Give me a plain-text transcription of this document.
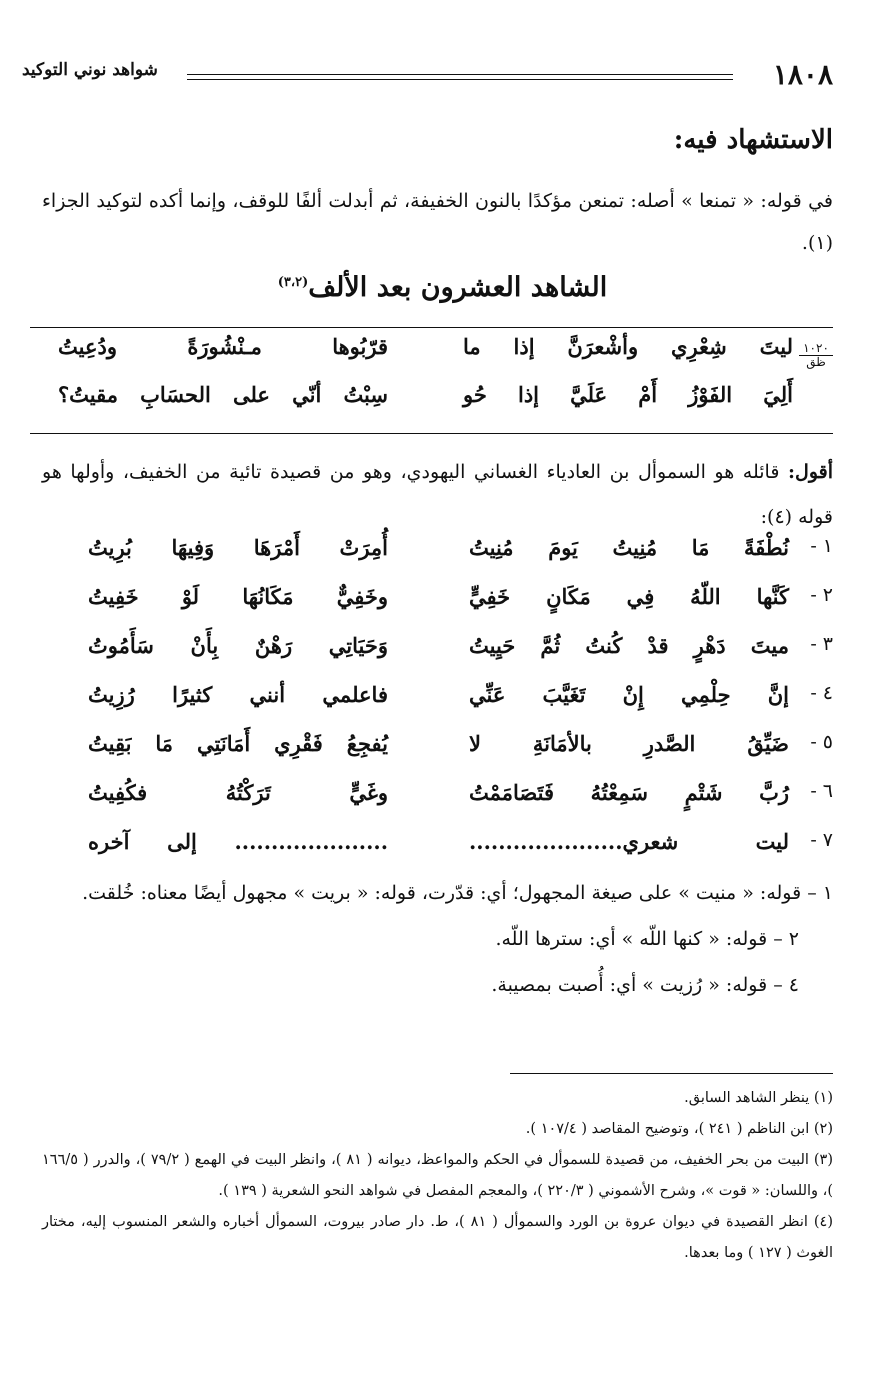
١٨٠٨
شواهد نوني التوكيد
الاستشهاد فيه:
في قوله: « تمنعا » أصله: تمنعن مؤكدًا بالنون الخفيفة، ثم أبدلت ألفًا للوقف، وإنما أكده لتوكيد الجزاء (١).
الشاهد العشرون بعد الألف$^{(٣،٢)}$
١٠٢٠
ظق
ليتَ شِعْرِي وأشْعرَنَّ إذا ما
قرّبُوها مـنْشُورَةً ودُعِيتُ
أَلِيَ الفَوْزُ أَمْ عَلَيَّ إذا حُو
سِبْتُ أنّي على الحسَابِ مقيتُ؟
أقول: قائله هو السموأل بن العادياء الغساني اليهودي، وهو من قصيدة تائية من الخفيف، وأولها هو قوله (٤):
١ -
نُطْفَةً مَا مُنِيتُ يَومَ مُنِيتُ
أُمِرَتْ أَمْرَهَا وَفِيهَا بُرِيتُ
٢ -
كَنَّها اللّهُ فِي مَكَانٍ خَفِيٍّ
وخَفِيٌّ مَكَانُهَا لَوْ خَفِيتُ
٣ -
ميتَ دَهْرٍ قدْ كُنتُ ثُمَّ حَيِيتُ
وَحَيَاتِي رَهْنٌ بِأَنْ سَأَمُوتُ
٤ -
إنَّ حِلْمِي إِنْ تَغَيَّبَ عَنِّي
فاعلمي أنني كثيرًا رُزِيتُ
٥ -
ضَيِّقُ الصَّدرِ بالأمَانَةِ لا
يُفجِعُ فَقْرِي أَمَانَتِي مَا بَقِيتُ
٦ -
رُبَّ شَتْمٍ سَمِعْتُهُ فَتَصَامَمْتُ
وغَيٍّ تَرَكْتُهُ فكُفِيتُ
٧ -
ليت شعري.....................
..................... إلى آخره
١ – قوله: « منيت » على صيغة المجهول؛ أي: قدّرت، قوله: « بريت » مجهول أيضًا معناه: خُلقت.
٢ – قوله: « كنها اللّه » أي: سترها اللّه.
٤ – قوله: « رُزيت » أي: أُصبت بمصيبة.

(١) ينظر الشاهد السابق.

(٢) ابن الناظم ( ٢٤١ )، وتوضيح المقاصد ( ١٠٧/٤ ).

(٣) البيت من بحر الخفيف، من قصيدة للسموأل في الحكم والمواعظ، ديوانه ( ٨١ )، وانظر البيت في الهمع ( ٧٩/٢ )، والدرر ( ١٦٦/٥ )، واللسان: « قوت »، وشرح الأشموني ( ٢٢٠/٣ )، والمعجم المفصل في شواهد النحو الشعرية ( ١٣٩ ).

(٤) انظر القصيدة في ديوان عروة بن الورد والسموأل ( ٨١ )، ط. دار صادر بيروت، السموأل أخباره والشعر المنسوب إليه، مختار الغوث ( ١٢٧ ) وما بعدها.
